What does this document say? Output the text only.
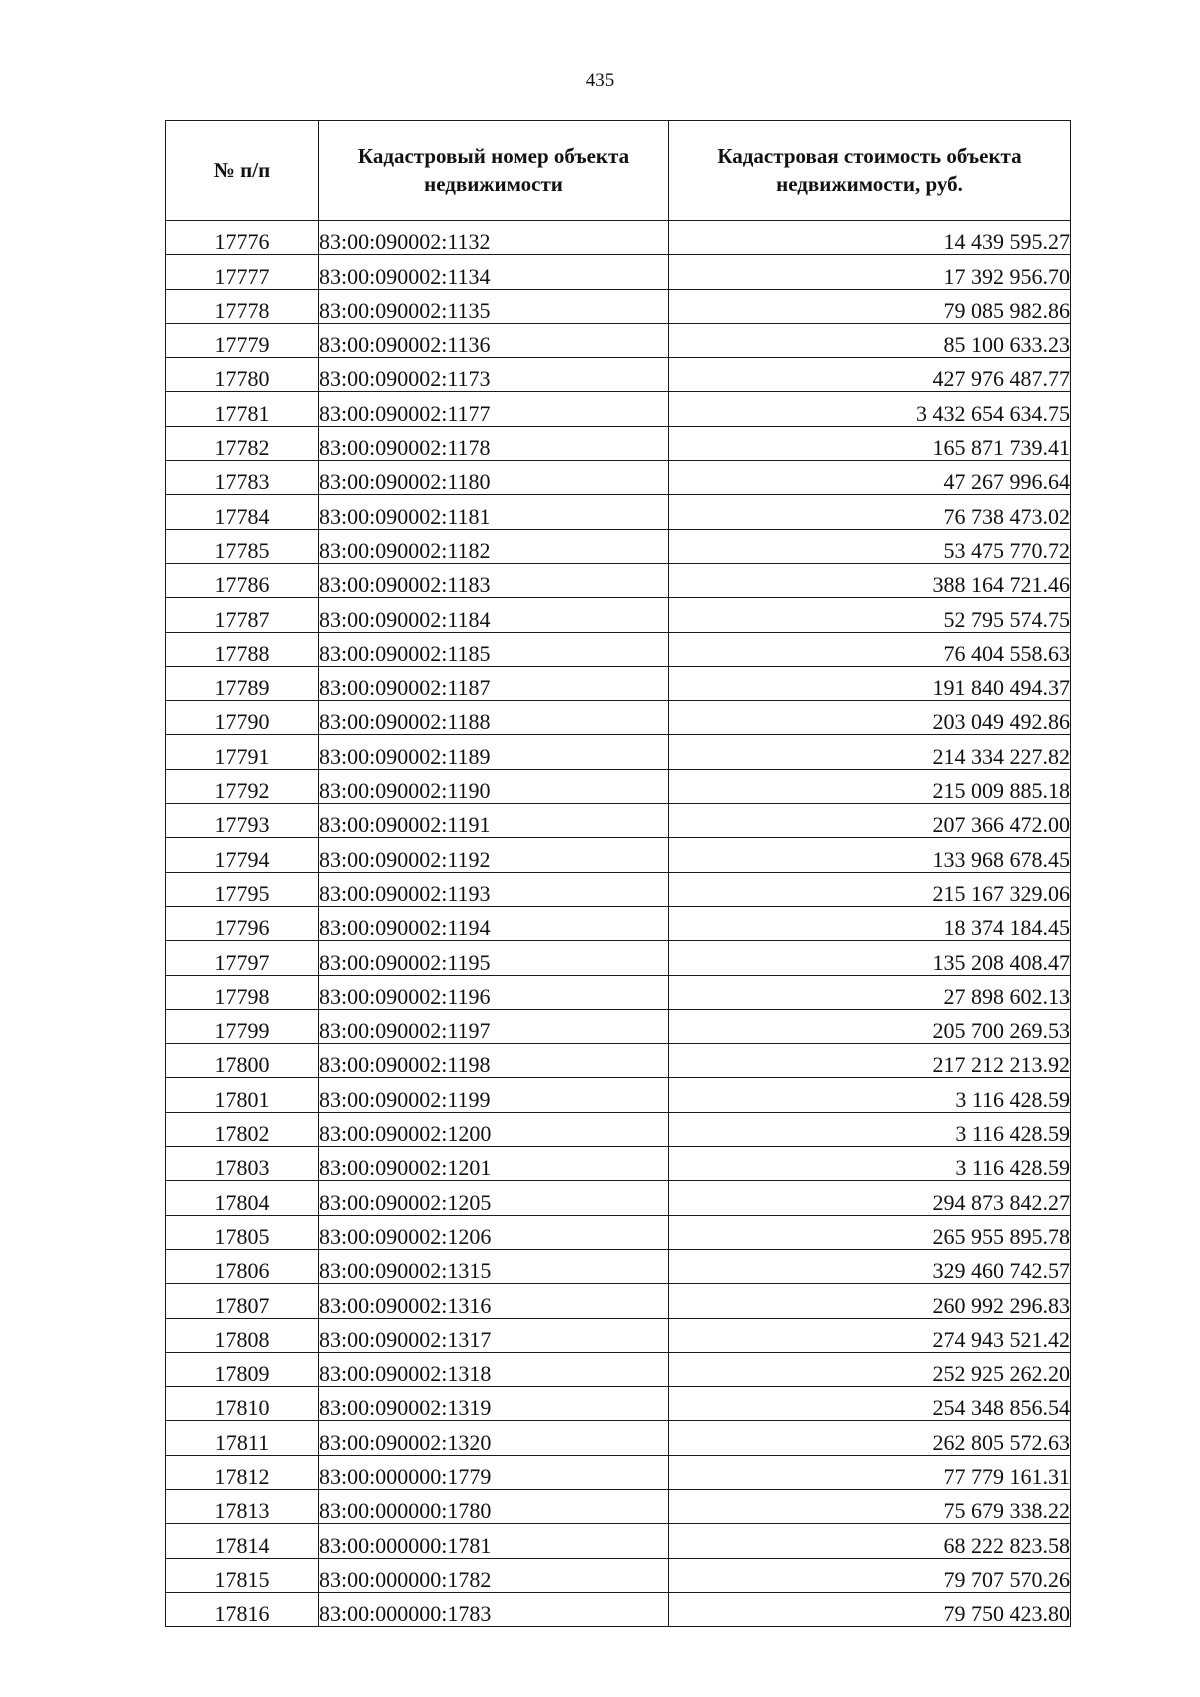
435
№ п/п	Кадастровый номер объекта недвижимости	Кадастровая стоимость объекта недвижимости, руб.
17776	83:00:090002:1132	14 439 595.27
17777	83:00:090002:1134	17 392 956.70
17778	83:00:090002:1135	79 085 982.86
17779	83:00:090002:1136	85 100 633.23
17780	83:00:090002:1173	427 976 487.77
17781	83:00:090002:1177	3 432 654 634.75
17782	83:00:090002:1178	165 871 739.41
17783	83:00:090002:1180	47 267 996.64
17784	83:00:090002:1181	76 738 473.02
17785	83:00:090002:1182	53 475 770.72
17786	83:00:090002:1183	388 164 721.46
17787	83:00:090002:1184	52 795 574.75
17788	83:00:090002:1185	76 404 558.63
17789	83:00:090002:1187	191 840 494.37
17790	83:00:090002:1188	203 049 492.86
17791	83:00:090002:1189	214 334 227.82
17792	83:00:090002:1190	215 009 885.18
17793	83:00:090002:1191	207 366 472.00
17794	83:00:090002:1192	133 968 678.45
17795	83:00:090002:1193	215 167 329.06
17796	83:00:090002:1194	18 374 184.45
17797	83:00:090002:1195	135 208 408.47
17798	83:00:090002:1196	27 898 602.13
17799	83:00:090002:1197	205 700 269.53
17800	83:00:090002:1198	217 212 213.92
17801	83:00:090002:1199	3 116 428.59
17802	83:00:090002:1200	3 116 428.59
17803	83:00:090002:1201	3 116 428.59
17804	83:00:090002:1205	294 873 842.27
17805	83:00:090002:1206	265 955 895.78
17806	83:00:090002:1315	329 460 742.57
17807	83:00:090002:1316	260 992 296.83
17808	83:00:090002:1317	274 943 521.42
17809	83:00:090002:1318	252 925 262.20
17810	83:00:090002:1319	254 348 856.54
17811	83:00:090002:1320	262 805 572.63
17812	83:00:000000:1779	77 779 161.31
17813	83:00:000000:1780	75 679 338.22
17814	83:00:000000:1781	68 222 823.58
17815	83:00:000000:1782	79 707 570.26
17816	83:00:000000:1783	79 750 423.80
